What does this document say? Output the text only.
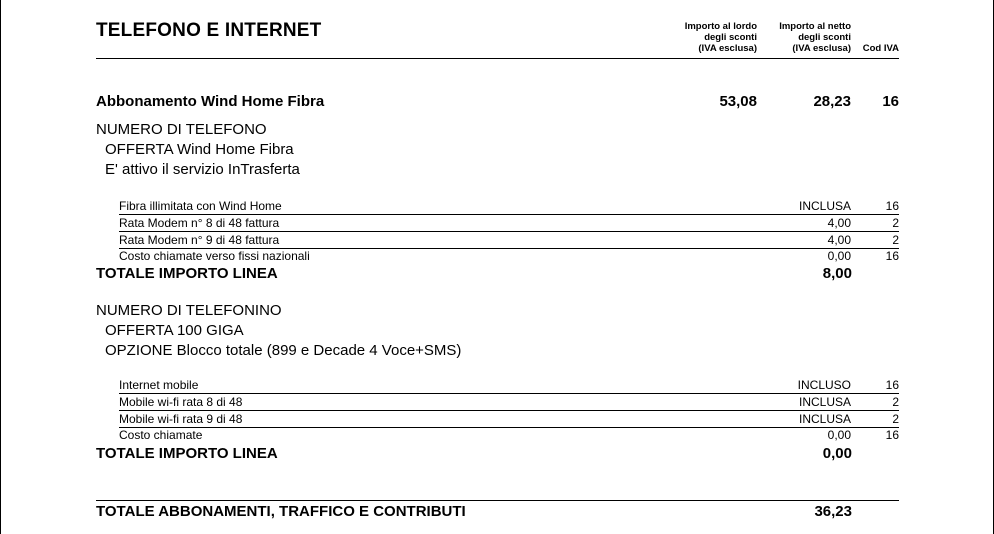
TELEFONO E INTERNET	Importo al lordo
degli sconti
(IVA esclusa)
Importo al netto
degli sconti
(IVA esclusa)	Cod IVA
Abbonamento Wind Home Fibra	53,08	28,23	16
NUMERO DI TELEFONO
OFFERTA Wind Home Fibra
E' attivo il servizio InTrasferta
Fibra illimitata con Wind Home	INCLUSA	16
Rata Modem n° 8 di 48 fattura	4,00	2
Rata Modem n° 9 di 48 fattura	4,00	2
Costo chiamate verso fissi nazionali	0,00	16
TOTALE IMPORTO LINEA	8,00
NUMERO DI TELEFONINO
OFFERTA 100 GIGA
OPZIONE Blocco totale (899 e Decade 4 Voce+SMS)
Internet mobile	INCLUSO	16
Mobile wi-fi rata 8 di 48	INCLUSA	2
Mobile wi-fi rata 9 di 48	INCLUSA	2
Costo chiamate	0,00	16
TOTALE IMPORTO LINEA	0,00
TOTALE ABBONAMENTI, TRAFFICO E CONTRIBUTI	36,23
